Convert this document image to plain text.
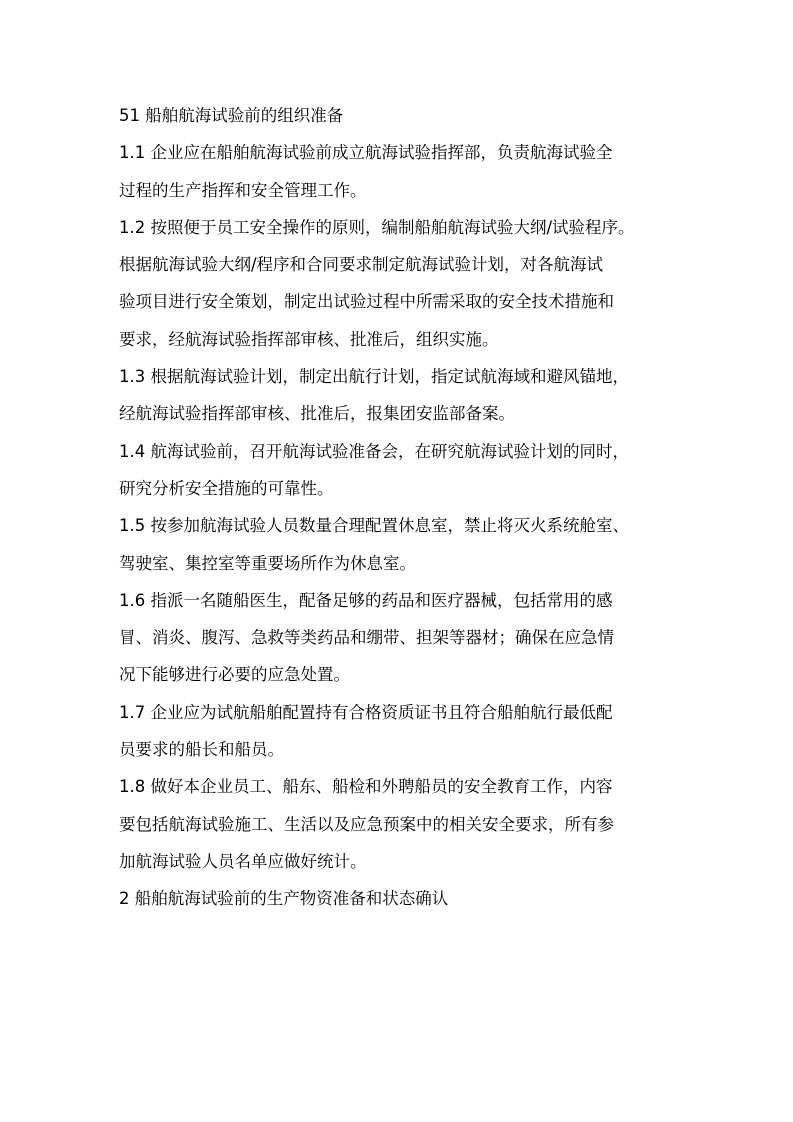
51 船舶航海试验前的组织准备
1.1 企业应在船舶航海试验前成立航海试验指挥部，负责航海试验全
过程的生产指挥和安全管理工作。
1.2 按照便于员工安全操作的原则，编制船舶航海试验大纲/试验程序。
根据航海试验大纲/程序和合同要求制定航海试验计划，对各航海试
验项目进行安全策划，制定出试验过程中所需采取的安全技术措施和
要求，经航海试验指挥部审核、批准后，组织实施。
1.3 根据航海试验计划，制定出航行计划，指定试航海域和避风锚地，
经航海试验指挥部审核、批准后，报集团安监部备案。
1.4 航海试验前，召开航海试验准备会，在研究航海试验计划的同时，
研究分析安全措施的可靠性。
1.5 按参加航海试验人员数量合理配置休息室，禁止将灭火系统舱室、
驾驶室、集控室等重要场所作为休息室。
1.6 指派一名随船医生，配备足够的药品和医疗器械，包括常用的感
冒、消炎、腹泻、急救等类药品和绷带、担架等器材；确保在应急情
况下能够进行必要的应急处置。
1.7 企业应为试航船舶配置持有合格资质证书且符合船舶航行最低配
员要求的船长和船员。
1.8 做好本企业员工、船东、船检和外聘船员的安全教育工作，内容
要包括航海试验施工、生活以及应急预案中的相关安全要求，所有参
加航海试验人员名单应做好统计。
2 船舶航海试验前的生产物资准备和状态确认
